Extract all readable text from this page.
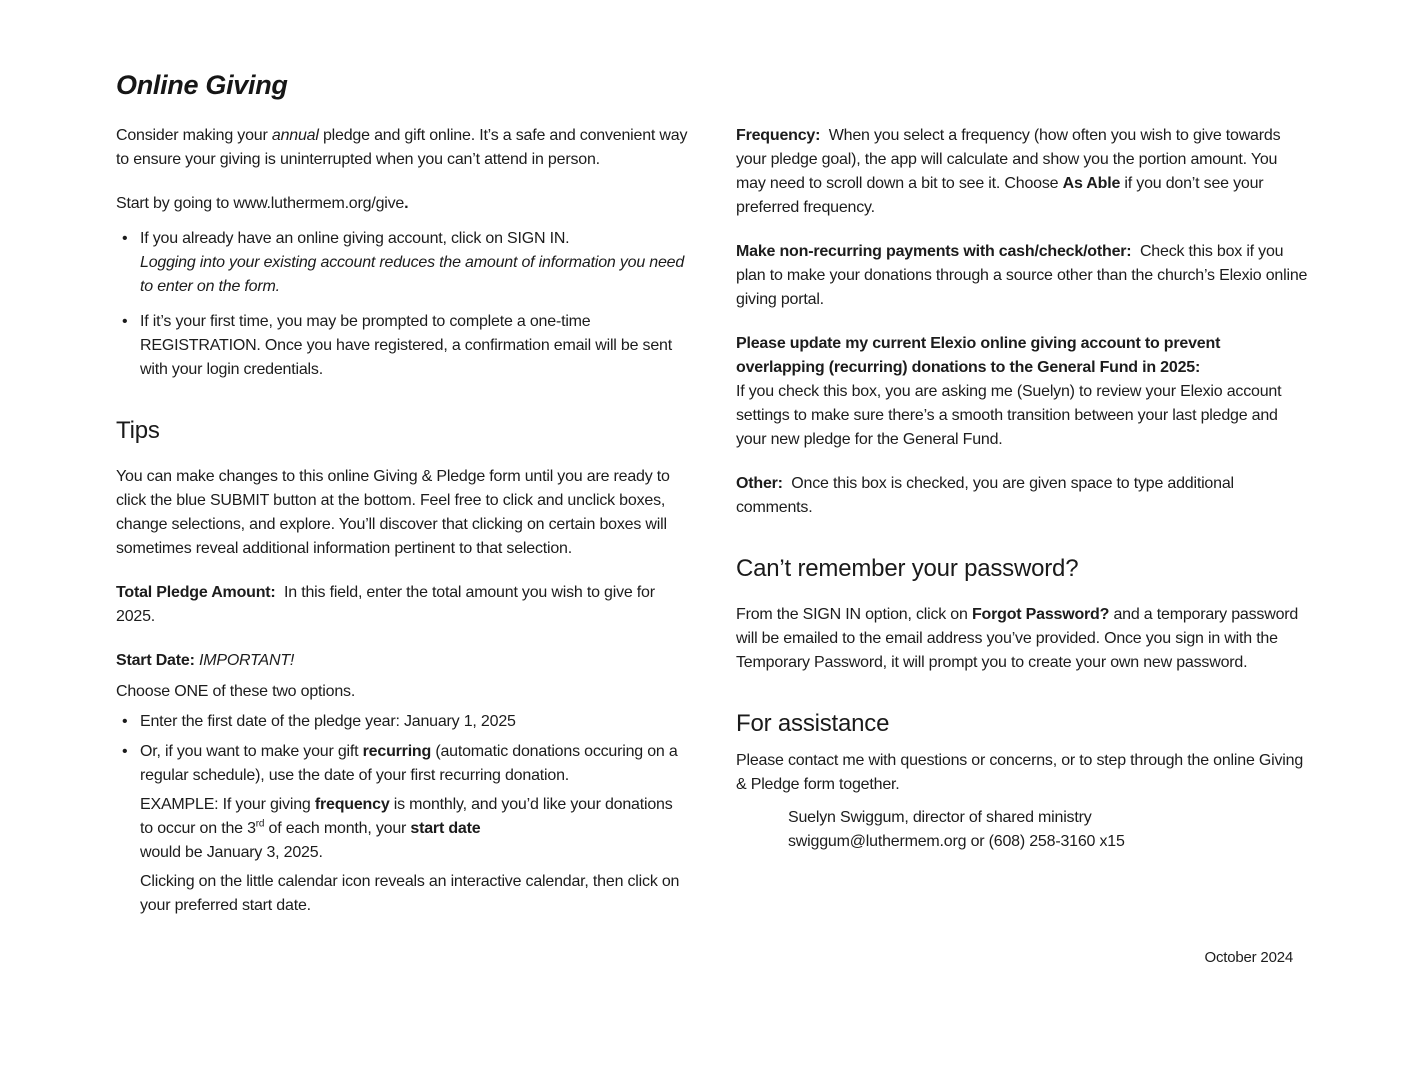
Online Giving
Consider making your annual pledge and gift online. It’s a safe and convenient way to ensure your giving is uninterrupted when you can’t attend in person.
Start by going to www.luthermem.org/give.
• If you already have an online giving account, click on SIGN IN.
Logging into your existing account reduces the amount of information you need to enter on the form.
• If it’s your first time, you may be prompted to complete a one-time REGISTRATION. Once you have registered, a confirmation email will be sent with your login credentials.
Tips
You can make changes to this online Giving & Pledge form until you are ready to click the blue SUBMIT button at the bottom. Feel free to click and unclick boxes, change selections, and explore. You’ll discover that clicking on certain boxes will sometimes reveal additional information pertinent to that selection.
Total Pledge Amount:  In this field, enter the total amount you wish to give for 2025.
Start Date: IMPORTANT!
Choose ONE of these two options.
• Enter the first date of the pledge year: January 1, 2025
• Or, if you want to make your gift recurring (automatic donations occuring on a regular schedule), use the date of your first recurring donation.
EXAMPLE: If your giving frequency is monthly, and you’d like your donations to occur on the 3rd of each month, your start date
would be January 3, 2025.
Clicking on the little calendar icon reveals an interactive calendar, then click on your preferred start date.
Frequency:  When you select a frequency (how often you wish to give towards your pledge goal), the app will calculate and show you the portion amount. You may need to scroll down a bit to see it. Choose As Able if you don’t see your preferred frequency.
Make non-recurring payments with cash/check/other:  Check this box if you plan to make your donations through a source other than the church’s Elexio online giving portal.
Please update my current Elexio online giving account to prevent overlapping (recurring) donations to the General Fund in 2025:
If you check this box, you are asking me (Suelyn) to review your Elexio account settings to make sure there’s a smooth transition between your last pledge and your new pledge for the General Fund.
Other:  Once this box is checked, you are given space to type additional comments.
Can’t remember your password?
From the SIGN IN option, click on Forgot Password? and a temporary password will be emailed to the email address you’ve provided. Once you sign in with the Temporary Password, it will prompt you to create your own new password.
For assistance
Please contact me with questions or concerns, or to step through the online Giving & Pledge form together.
Suelyn Swiggum, director of shared ministry
swiggum@luthermem.org or (608) 258-3160 x15
October 2024
